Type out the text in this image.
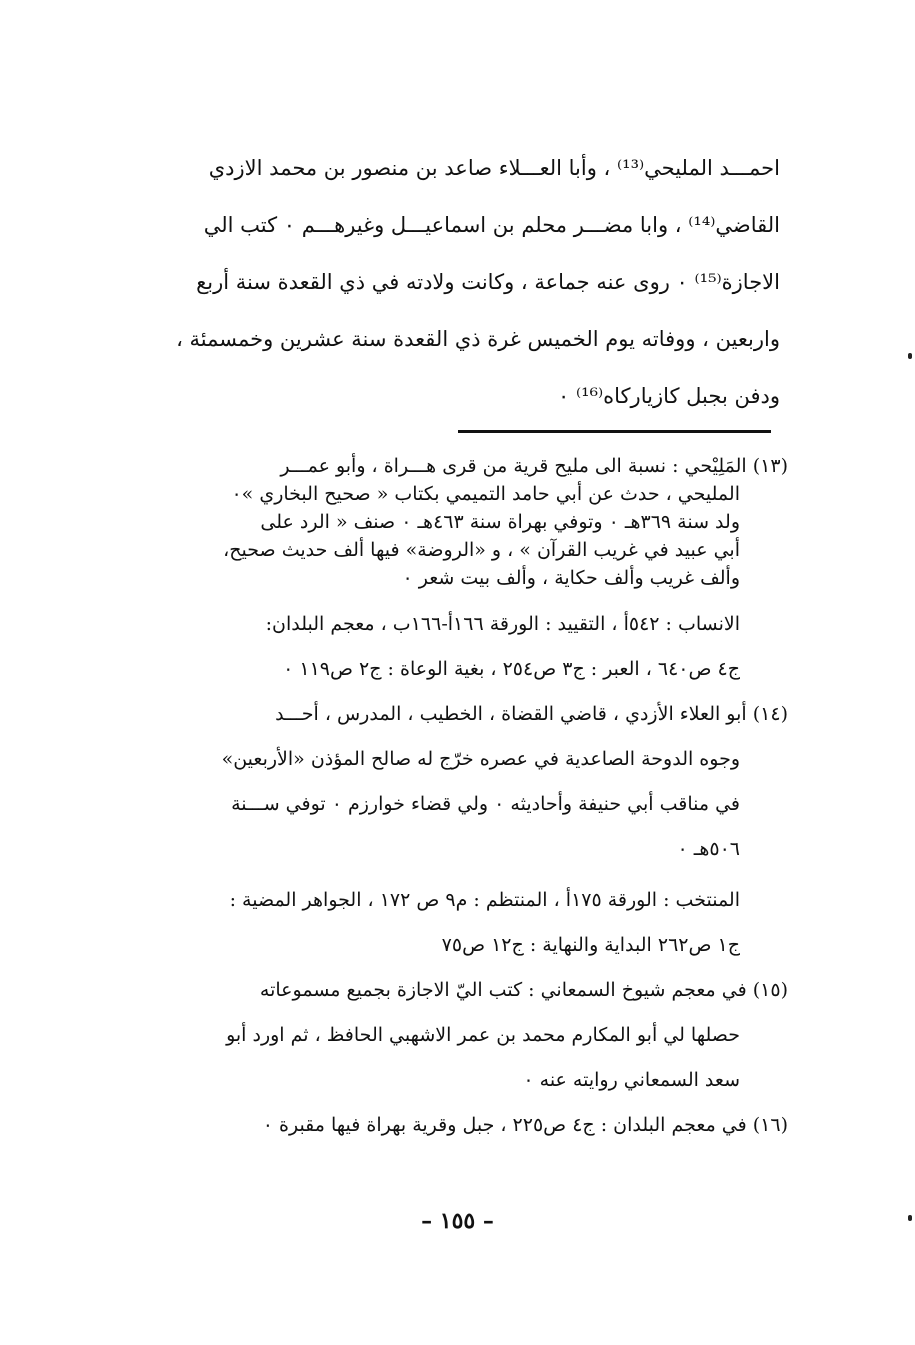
احمـــد المليحي⁽¹³⁾ ، وأبا العـــلاء صاعد بن منصور بن محمد الازدي
القاضي⁽¹⁴⁾ ، وابا مضـــر محلم بن اسماعيـــل وغيرهـــم ٠ كتب الي
الاجازة⁽¹⁵⁾ ٠ روى عنه جماعة ، وكانت ولادته في ذي القعدة سنة أربع
واربعين ، ووفاته يوم الخميس غرة ذي القعدة سنة عشرين وخمسمئة ،
ودفن بجبل كازياركاه⁽¹⁶⁾ ٠
(١٣) المَلِيْحي : نسبة الى مليح قرية من قرى هـــراة ، وأبو عمـــر
المليحي ، حدث عن أبي حامد التميمي بكتاب « صحيح البخاري »٠
ولد سنة ٣٦٩هـ ٠ وتوفي بهراة سنة ٤٦٣هـ ٠ صنف « الرد على
أبي عبيد في غريب القرآن » ، و «الروضة» فيها ألف حديث صحيح،
وألف غريب وألف حكاية ، وألف بيت شعر ٠
الانساب : ٥٤٢أ ، التقييد : الورقة ١٦٦أ-١٦٦ب ، معجم البلدان:
ج٤ ص٦٤٠ ، العبر : ج٣ ص٢٥٤ ، بغية الوعاة : ج٢ ص١١٩ ٠
(١٤) أبو العلاء الأزدي ، قاضي القضاة ، الخطيب ، المدرس ، أحـــد
وجوه الدوحة الصاعدية في عصره خرّج له صالح المؤذن «الأربعين»
في مناقب أبي حنيفة وأحاديثه ٠ ولي قضاء خوارزم ٠ توفي ســـنة
٥٠٦هـ ٠
المنتخب : الورقة ١٧٥أ ، المنتظم : م٩ ص ١٧٢ ، الجواهر المضية :
ج١ ص٢٦٢ البداية والنهاية : ج١٢ ص٧٥
(١٥) في معجم شيوخ السمعاني : كتب اليّ الاجازة بجميع مسموعاته
حصلها لي أبو المكارم محمد بن عمر الاشهبي الحافظ ، ثم اورد أبو
سعد السمعاني روايته عنه ٠
(١٦) في معجم البلدان : ج٤ ص٢٢٥ ، جبل وقرية بهراة فيها مقبرة ٠
– ١٥٥ –
